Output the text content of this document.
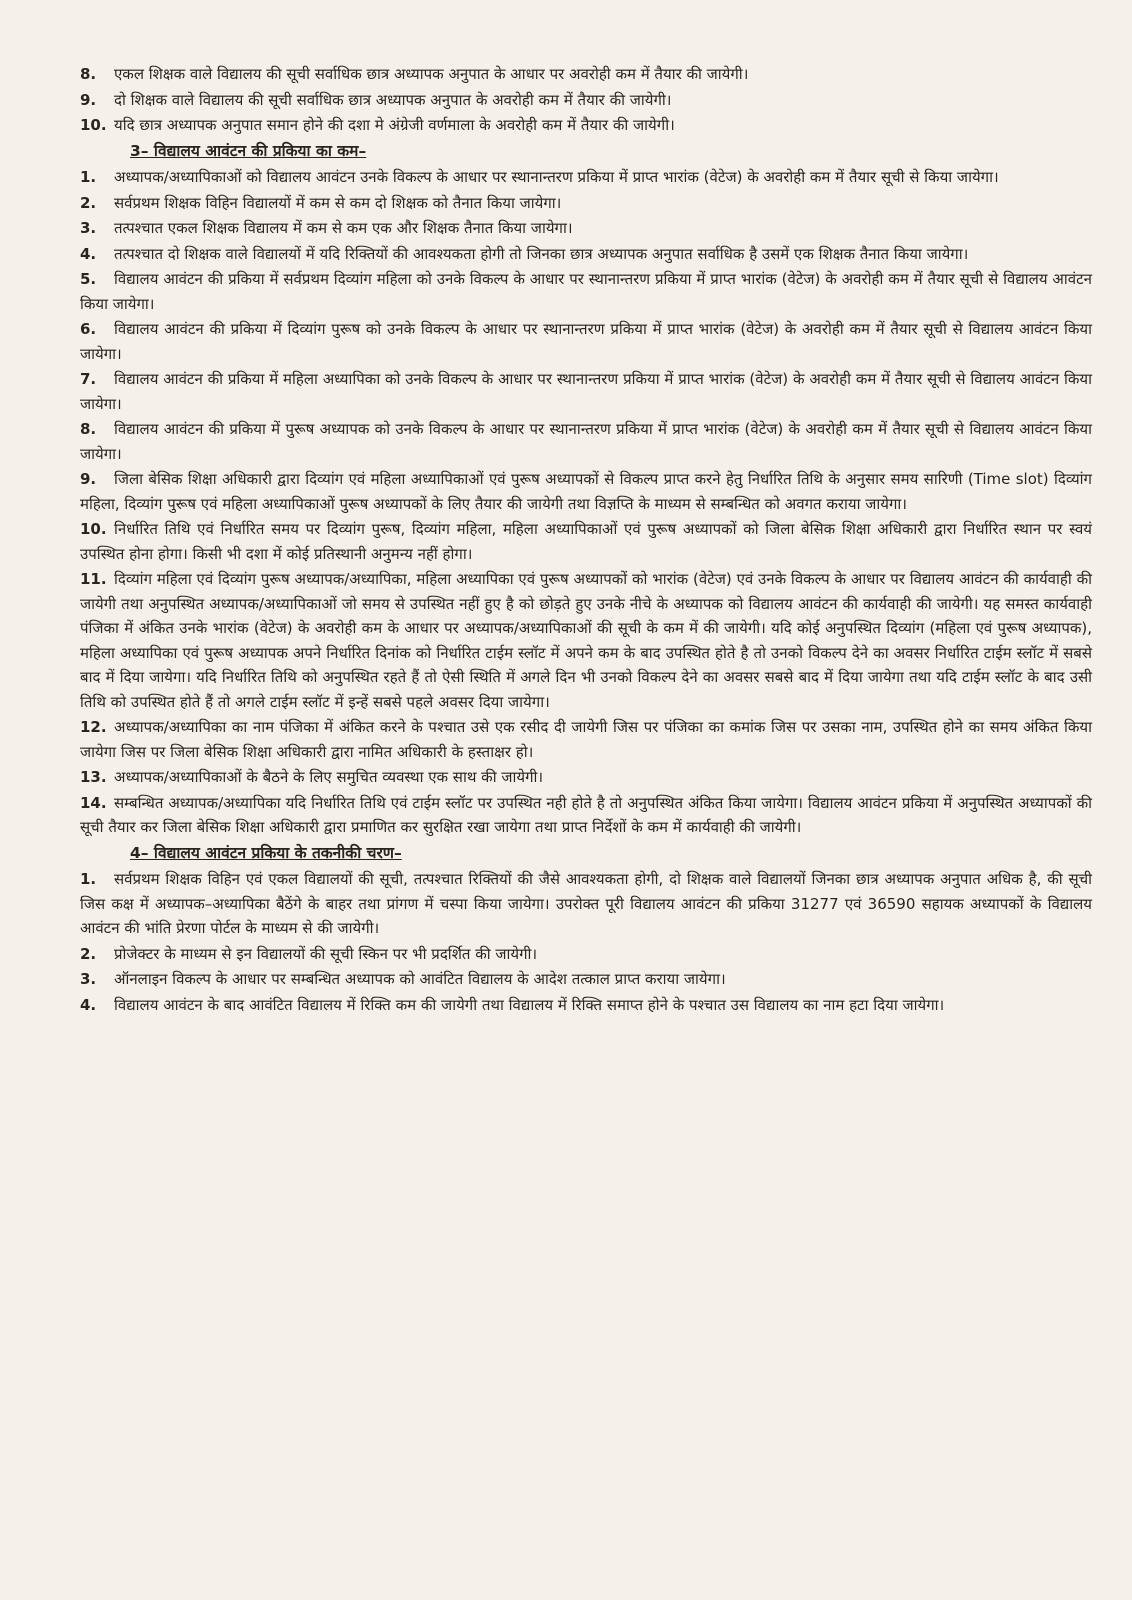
8. एकल शिक्षक वाले विद्यालय की सूची सर्वाधिक छात्र अध्यापक अनुपात के आधार पर अवरोही कम में तैयार की जायेगी।
9. दो शिक्षक वाले विद्यालय की सूची सर्वाधिक छात्र अध्यापक अनुपात के अवरोही कम में तैयार की जायेगी।
10. यदि छात्र अध्यापक अनुपात समान होने की दशा मे अंग्रेजी वर्णमाला के अवरोही कम में तैयार की जायेगी।
3– विद्यालय आवंटन की प्रकिया का कम–
1. अध्यापक/अध्यापिकाओं को विद्यालय आवंटन उनके विकल्प के आधार पर स्थानान्तरण प्रकिया में प्राप्त भारांक (वेटेज) के अवरोही कम में तैयार सूची से किया जायेगा।
2. सर्वप्रथम शिक्षक विहिन विद्यालयों में कम से कम दो शिक्षक को तैनात किया जायेगा।
3. तत्पश्चात एकल शिक्षक विद्यालय में कम से कम एक और शिक्षक तैनात किया जायेगा।
4. तत्पश्चात दो शिक्षक वाले विद्यालयों में यदि रिक्तियों की आवश्यकता होगी तो जिनका छात्र अध्यापक अनुपात सर्वाधिक है उसमें एक शिक्षक तैनात किया जायेगा।
5. विद्यालय आवंटन की प्रकिया में सर्वप्रथम दिव्यांग महिला को उनके विकल्प के आधार पर स्थानान्तरण प्रकिया में प्राप्त भारांक (वेटेज) के अवरोही कम में तैयार सूची से विद्यालय आवंटन किया जायेगा।
6. विद्यालय आवंटन की प्रकिया में दिव्यांग पुरूष को उनके विकल्प के आधार पर स्थानान्तरण प्रकिया में प्राप्त भारांक (वेटेज) के अवरोही कम में तैयार सूची से विद्यालय आवंटन किया जायेगा।
7. विद्यालय आवंटन की प्रकिया में महिला अध्यापिका को उनके विकल्प के आधार पर स्थानान्तरण प्रकिया में प्राप्त भारांक (वेटेज) के अवरोही कम में तैयार सूची से विद्यालय आवंटन किया जायेगा।
8. विद्यालय आवंटन की प्रकिया में पुरूष अध्यापक को उनके विकल्प के आधार पर स्थानान्तरण प्रकिया में प्राप्त भारांक (वेटेज) के अवरोही कम में तैयार सूची से विद्यालय आवंटन किया जायेगा।
9. जिला बेसिक शिक्षा अधिकारी द्वारा दिव्यांग एवं महिला अध्यापिकाओं एवं पुरूष अध्यापकों से विकल्प प्राप्त करने हेतु निर्धारित तिथि के अनुसार समय सारिणी (Time slot) दिव्यांग महिला, दिव्यांग पुरूष एवं महिला अध्यापिकाओं पुरूष अध्यापकों के लिए तैयार की जायेगी तथा विज्ञप्ति के माध्यम से सम्बन्धित को अवगत कराया जायेगा।
10. निर्धारित तिथि एवं निर्धारित समय पर दिव्यांग पुरूष, दिव्यांग महिला, महिला अध्यापिकाओं एवं पुरूष अध्यापकों को जिला बेसिक शिक्षा अधिकारी द्वारा निर्धारित स्थान पर स्वयं उपस्थित होना होगा। किसी भी दशा में कोई प्रतिस्थानी अनुमन्य नहीं होगा।
11. दिव्यांग महिला एवं दिव्यांग पुरूष अध्यापक/अध्यापिका, महिला अध्यापिका एवं पुरूष अध्यापकों को भारांक (वेटेज) एवं उनके विकल्प के आधार पर विद्यालय आवंटन की कार्यवाही की जायेगी तथा अनुपस्थित अध्यापक/अध्यापिकाओं जो समय से उपस्थित नहीं हुए है को छोड़ते हुए उनके नीचे के अध्यापक को विद्यालय आवंटन की कार्यवाही की जायेगी। यह समस्त कार्यवाही पंजिका में अंकित उनके भारांक (वेटेज) के अवरोही कम के आधार पर अध्यापक/अध्यापिकाओं की सूची के कम में की जायेगी। यदि कोई अनुपस्थित दिव्यांग (महिला एवं पुरूष अध्यापक), महिला अध्यापिका एवं पुरूष अध्यापक अपने निर्धारित दिनांक को निर्धारित टाईम स्लॉट में अपने कम के बाद उपस्थित होते है तो उनको विकल्प देने का अवसर निर्धारित टाईम स्लॉट में सबसे बाद में दिया जायेगा। यदि निर्धारित तिथि को अनुपस्थित रहते हैं तो ऐसी स्थिति में अगले दिन भी उनको विकल्प देने का अवसर सबसे बाद में दिया जायेगा तथा यदि टाईम स्लॉट के बाद उसी तिथि को उपस्थित होते हैं तो अगले टाईम स्लॉट में इन्हें सबसे पहले अवसर दिया जायेगा।
12. अध्यापक/अध्यापिका का नाम पंजिका में अंकित करने के पश्चात उसे एक रसीद दी जायेगी जिस पर पंजिका का कमांक जिस पर उसका नाम, उपस्थित होने का समय अंकित किया जायेगा जिस पर जिला बेसिक शिक्षा अधिकारी द्वारा नामित अधिकारी के हस्ताक्षर हो।
13. अध्यापक/अध्यापिकाओं के बैठने के लिए समुचित व्यवस्था एक साथ की जायेगी।
14. सम्बन्धित अध्यापक/अध्यापिका यदि निर्धारित तिथि एवं टाईम स्लॉट पर उपस्थित नही होते है तो अनुपस्थित अंकित किया जायेगा। विद्यालय आवंटन प्रकिया में अनुपस्थित अध्यापकों की सूची तैयार कर जिला बेसिक शिक्षा अधिकारी द्वारा प्रमाणित कर सुरक्षित रखा जायेगा तथा प्राप्त निर्देशों के कम में कार्यवाही की जायेगी।
4– विद्यालय आवंटन प्रकिया के तकनीकी चरण–
1. सर्वप्रथम शिक्षक विहिन एवं एकल विद्यालयों की सूची, तत्पश्चात रिक्तियों की जैसे आवश्यकता होगी, दो शिक्षक वाले विद्यालयों जिनका छात्र अध्यापक अनुपात अधिक है, की सूची जिस कक्ष में अध्यापक–अध्यापिका बैठेंगे के बाहर तथा प्रांगण में चस्पा किया जायेगा। उपरोक्त पूरी विद्यालय आवंटन की प्रकिया 31277 एवं 36590 सहायक अध्यापकों के विद्यालय आवंटन की भांति प्रेरणा पोर्टल के माध्यम से की जायेगी।
2. प्रोजेक्टर के माध्यम से इन विद्यालयों की सूची स्किन पर भी प्रदर्शित की जायेगी।
3. ऑनलाइन विकल्प के आधार पर सम्बन्धित अध्यापक को आवंटित विद्यालय के आदेश तत्काल प्राप्त कराया जायेगा।
4. विद्यालय आवंटन के बाद आवंटित विद्यालय में रिक्ति कम की जायेगी तथा विद्यालय में रिक्ति समाप्त होने के पश्चात उस विद्यालय का नाम हटा दिया जायेगा।
